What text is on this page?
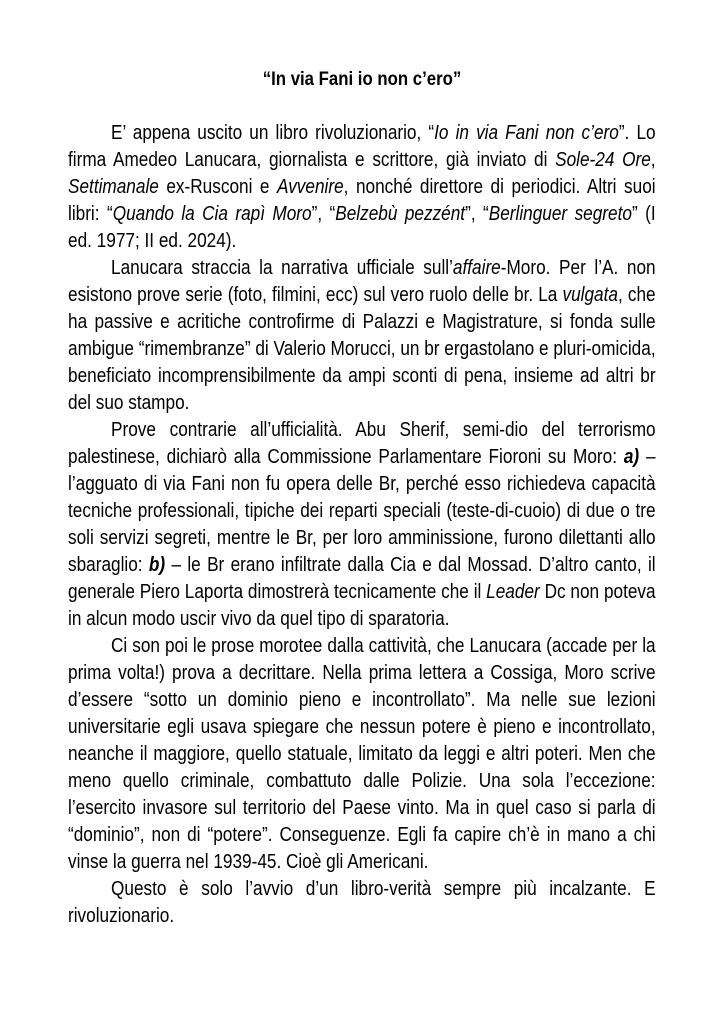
“In via Fani io non c’ero”

E’ appena uscito un libro rivoluzionario, “Io in via Fani non c’ero”. Lo firma Amedeo Lanucara, giornalista e scrittore, già inviato di Sole-24 Ore, Settimanale ex-Rusconi e Avvenire, nonché direttore di periodici. Altri suoi libri: “Quando la Cia rapì Moro”, “Belzebù pezzént”, “Berlinguer segreto” (I ed. 1977; II ed. 2024).

Lanucara straccia la narrativa ufficiale sull’affaire-Moro. Per l’A. non esistono prove serie (foto, filmini, ecc) sul vero ruolo delle br. La vulgata, che ha passive e acritiche controfirme di Palazzi e Magistrature, si fonda sulle ambigue “rimembranze” di Valerio Morucci, un br ergastolano e pluri-omicida, beneficiato incomprensibilmente da ampi sconti di pena, insieme ad altri br del suo stampo.

Prove contrarie all’ufficialità. Abu Sherif, semi-dio del terrorismo palestinese, dichiarò alla Commissione Parlamentare Fioroni su Moro: a) – l’agguato di via Fani non fu opera delle Br, perché esso richiedeva capacità tecniche professionali, tipiche dei reparti speciali (teste-di-cuoio) di due o tre soli servizi segreti, mentre le Br, per loro amminissione, furono dilettanti allo sbaraglio: b) – le Br erano infiltrate dalla Cia e dal Mossad. D’altro canto, il generale Piero Laporta dimostrerà tecnicamente che il Leader Dc non poteva in alcun modo uscir vivo da quel tipo di sparatoria.

Ci son poi le prose morotee dalla cattività, che Lanucara (accade per la prima volta!) prova a decrittare. Nella prima lettera a Cossiga, Moro scrive d’essere “sotto un dominio pieno e incontrollato”. Ma nelle sue lezioni universitarie egli usava spiegare che nessun potere è pieno e incontrollato, neanche il maggiore, quello statuale, limitato da leggi e altri poteri. Men che meno quello criminale, combattuto dalle Polizie. Una sola l’eccezione: l’esercito invasore sul territorio del Paese vinto. Ma in quel caso si parla di “dominio”, non di “potere”. Conseguenze. Egli fa capire ch’è in mano a chi vinse la guerra nel 1939-45. Cioè gli Americani.

Questo è solo l’avvio d’un libro-verità sempre più incalzante. E rivoluzionario.
